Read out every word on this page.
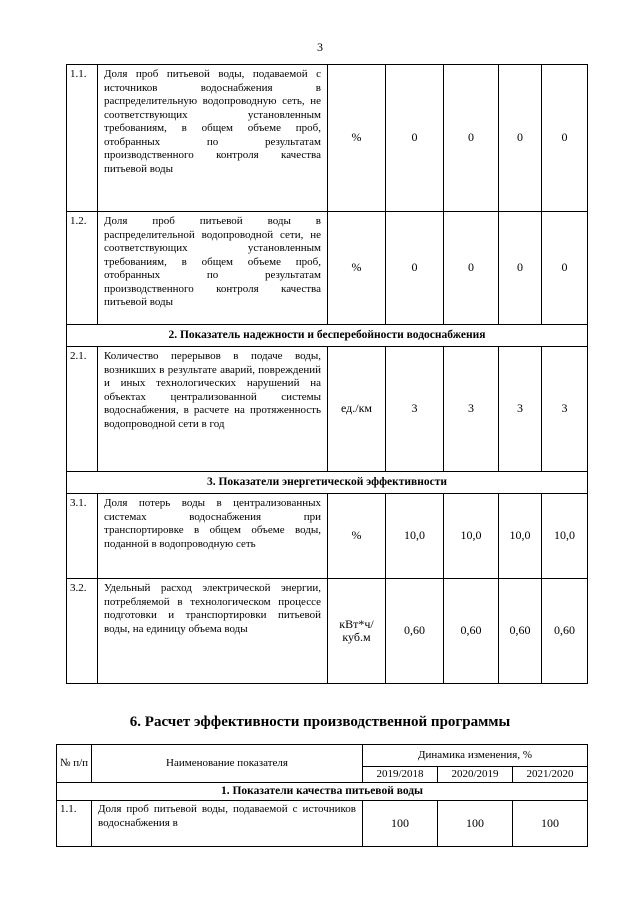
3
1.1.	Доля проб питьевой воды, подаваемой с источников водоснабжения в распределительную водопроводную сеть, не соответствующих установленным требованиям, в общем объеме проб, отобранных по результатам производственного контроля качества питьевой воды	%	0	0	0	0
1.2.	Доля проб питьевой воды в распределительной водопроводной сети, не соответствующих установленным требованиям, в общем объеме проб, отобранных по результатам производственного контроля качества питьевой воды	%	0	0	0	0
2. Показатель надежности и бесперебойности водоснабжения						
2.1.	Количество перерывов в подаче воды, возникших в результате аварий, повреждений и иных технологических нарушений на объектах централизованной системы водоснабжения, в расчете на протяженность водопроводной сети в год	ед./км	3	3	3	3
3. Показатели энергетической эффективности						
3.1.	Доля потерь воды в централизованных системах водоснабжения при транспортировке в общем объеме воды, поданной в водопроводную сеть	%	10,0	10,0	10,0	10,0
3.2.	Удельный расход электрической энергии, потребляемой в технологическом процессе подготовки и транспортировки питьевой воды, на единицу объема воды	кВт*ч/ куб.м	0,60	0,60	0,60	0,60
6. Расчет эффективности производственной программы
№ п/п	Наименование показателя	Динамика изменения, %		
		2019/2018	2020/2019	2021/2020
1. Показатели качества питьевой воды				
1.1.	Доля проб питьевой воды, подаваемой с источников водоснабжения в	100	100	100
